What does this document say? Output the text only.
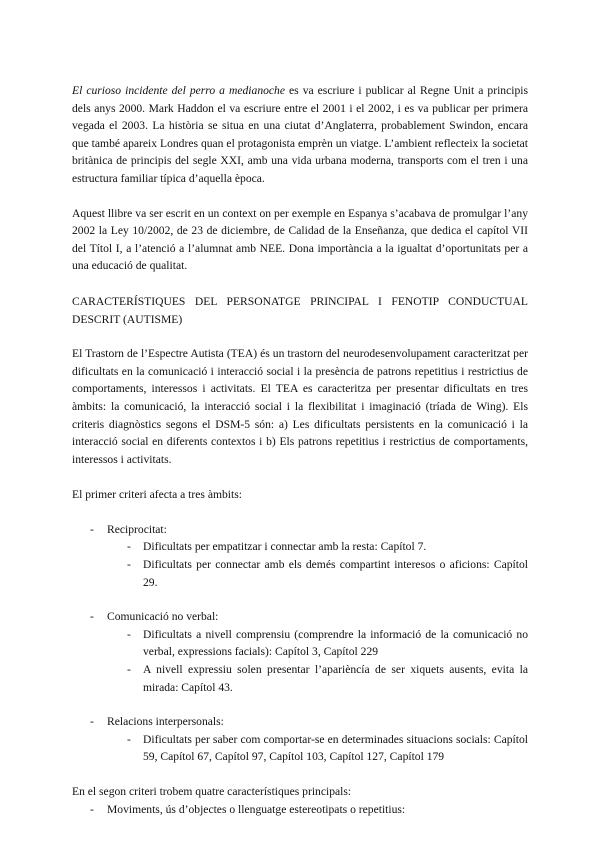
El curioso incidente del perro a medianoche es va escriure i publicar al Regne Unit a principis dels anys 2000. Mark Haddon el va escriure entre el 2001 i el 2002, i es va publicar per primera vegada el 2003. La història se situa en una ciutat d’Anglaterra, probablement Swindon, encara que també apareix Londres quan el protagonista emprèn un viatge. L’ambient reflecteix la societat britànica de principis del segle XXI, amb una vida urbana moderna, transports com el tren i una estructura familiar típica d’aquella època.

Aquest llibre va ser escrit en un context on per exemple en Espanya s’acabava de promulgar l’any 2002 la Ley 10/2002, de 23 de diciembre, de Calidad de la Enseñanza, que dedica el capítol VII del Títol I, a l’atenció a l’alumnat amb NEE. Dona importància a la igualtat d’oportunitats per a una educació de qualitat.

CARACTERÍSTIQUES DEL PERSONATGE PRINCIPAL I FENOTIP CONDUCTUAL DESCRIT (AUTISME)

El Trastorn de l’Espectre Autista (TEA) és un trastorn del neurodesenvolupament caracteritzat per dificultats en la comunicació i interacció social i la presència de patrons repetitius i restrictius de comportaments, interessos i activitats. El TEA es caracteritza per presentar dificultats en tres àmbits: la comunicació, la interacció social i la flexibilitat i imaginació (tríada de Wing). Els criteris diagnòstics segons el DSM-5 són: a) Les dificultats persistents en la comunicació i la interacció social en diferents contextos i b) Els patrons repetitius i restrictius de comportaments, interessos i activitats.

El primer criteri afecta a tres àmbits:

- Reciprocitat:
- Dificultats per empatitzar i connectar amb la resta: Capítol 7.
- Dificultats per connectar amb els demés compartint interesos o aficions: Capítol 29.
- Comunicació no verbal:
- Dificultats a nivell comprensiu (comprendre la informació de la comunicació no verbal, expressions facials): Capítol 3, Capítol 229
- A nivell expressiu solen presentar l’aparièncía de ser xiquets ausents, evita la mirada: Capítol 43.
- Relacions interpersonals:
- Dificultats per saber com comportar-se en determinades situacions socials: Capítol 59, Capítol 67, Capítol 97, Capítol 103, Capítol 127, Capítol 179

En el segon criteri trobem quatre característiques principals:

- Moviments, ús d’objectes o llenguatge estereotipats o repetitius:
